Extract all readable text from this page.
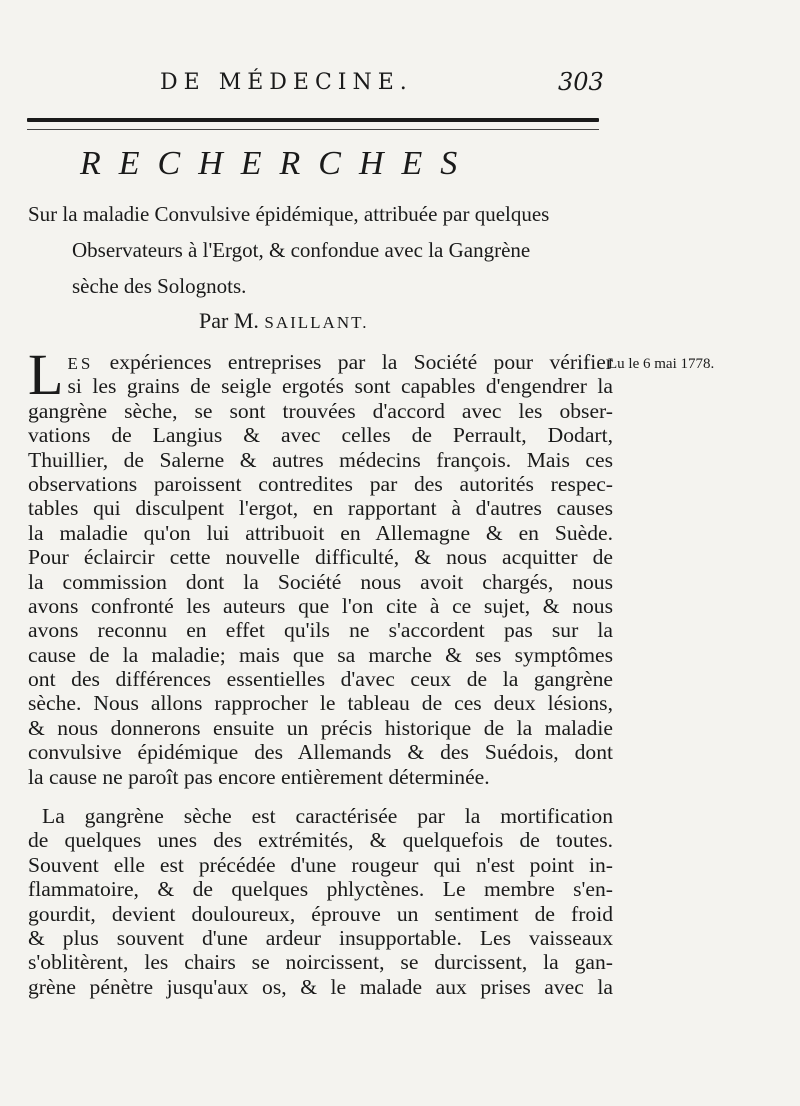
DE MÉDECINE.	303
RECHERCHES
Sur la maladie Convulsive épidémique, attribuée par quelques
Observateurs à l'Ergot, & confondue avec la Gangrène
sèche des Solognots.
Par M. SAILLANT.
Lu le 6 mai 1778.
L ES expériences entreprises par la Société pour vérifier
si les grains de seigle ergotés sont capables d'engendrer la
gangrène sèche, se sont trouvées d'accord avec les obser-
vations de Langius & avec celles de Perrault, Dodart,
Thuillier, de Salerne & autres médecins françois. Mais ces
observations paroissent contredites par des autorités respec-
tables qui disculpent l'ergot, en rapportant à d'autres causes
la maladie qu'on lui attribuoit en Allemagne & en Suède.
Pour éclaircir cette nouvelle difficulté, & nous acquitter de
la commission dont la Société nous avoit chargés, nous
avons confronté les auteurs que l'on cite à ce sujet, & nous
avons reconnu en effet qu'ils ne s'accordent pas sur la
cause de la maladie; mais que sa marche & ses symptômes
ont des différences essentielles d'avec ceux de la gangrène
sèche. Nous allons rapprocher le tableau de ces deux lésions,
& nous donnerons ensuite un précis historique de la maladie
convulsive épidémique des Allemands & des Suédois, dont
la cause ne paroît pas encore entièrement déterminée.
La gangrène sèche est caractérisée par la mortification
de quelques unes des extrémités, & quelquefois de toutes.
Souvent elle est précédée d'une rougeur qui n'est point in-
flammatoire, & de quelques phlyctènes. Le membre s'en-
gourdit, devient douloureux, éprouve un sentiment de froid
& plus souvent d'une ardeur insupportable. Les vaisseaux
s'oblitèrent, les chairs se noircissent, se durcissent, la gan-
grène pénètre jusqu'aux os, & le malade aux prises avec la
